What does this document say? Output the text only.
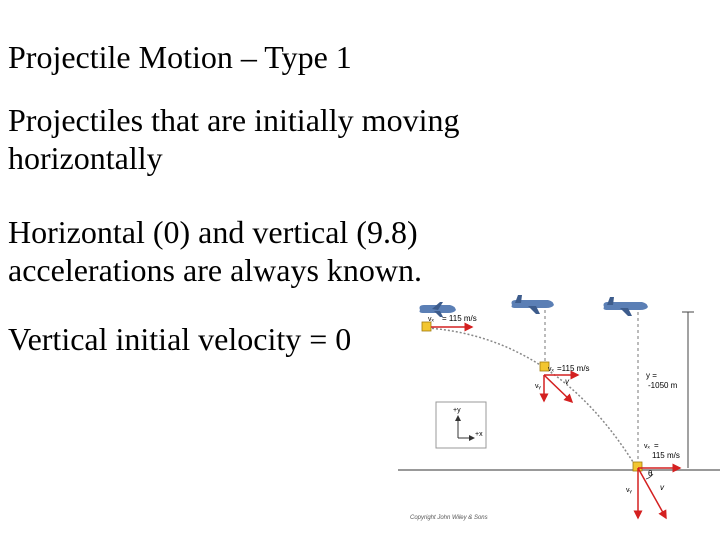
Projectile Motion – Type 1

Projectiles that are initially moving
horizontally
Horizontal (0) and vertical (9.8)
accelerations are always known.
Vertical initial velocity = 0
y =
-1050 m
vₓ = 115 m/s
vₓ =115 m/s
vᵧ
v
vₓ =
115 m/s
θ
vᵧ	v
+y
+x
Copyright John Wiley & Sons
